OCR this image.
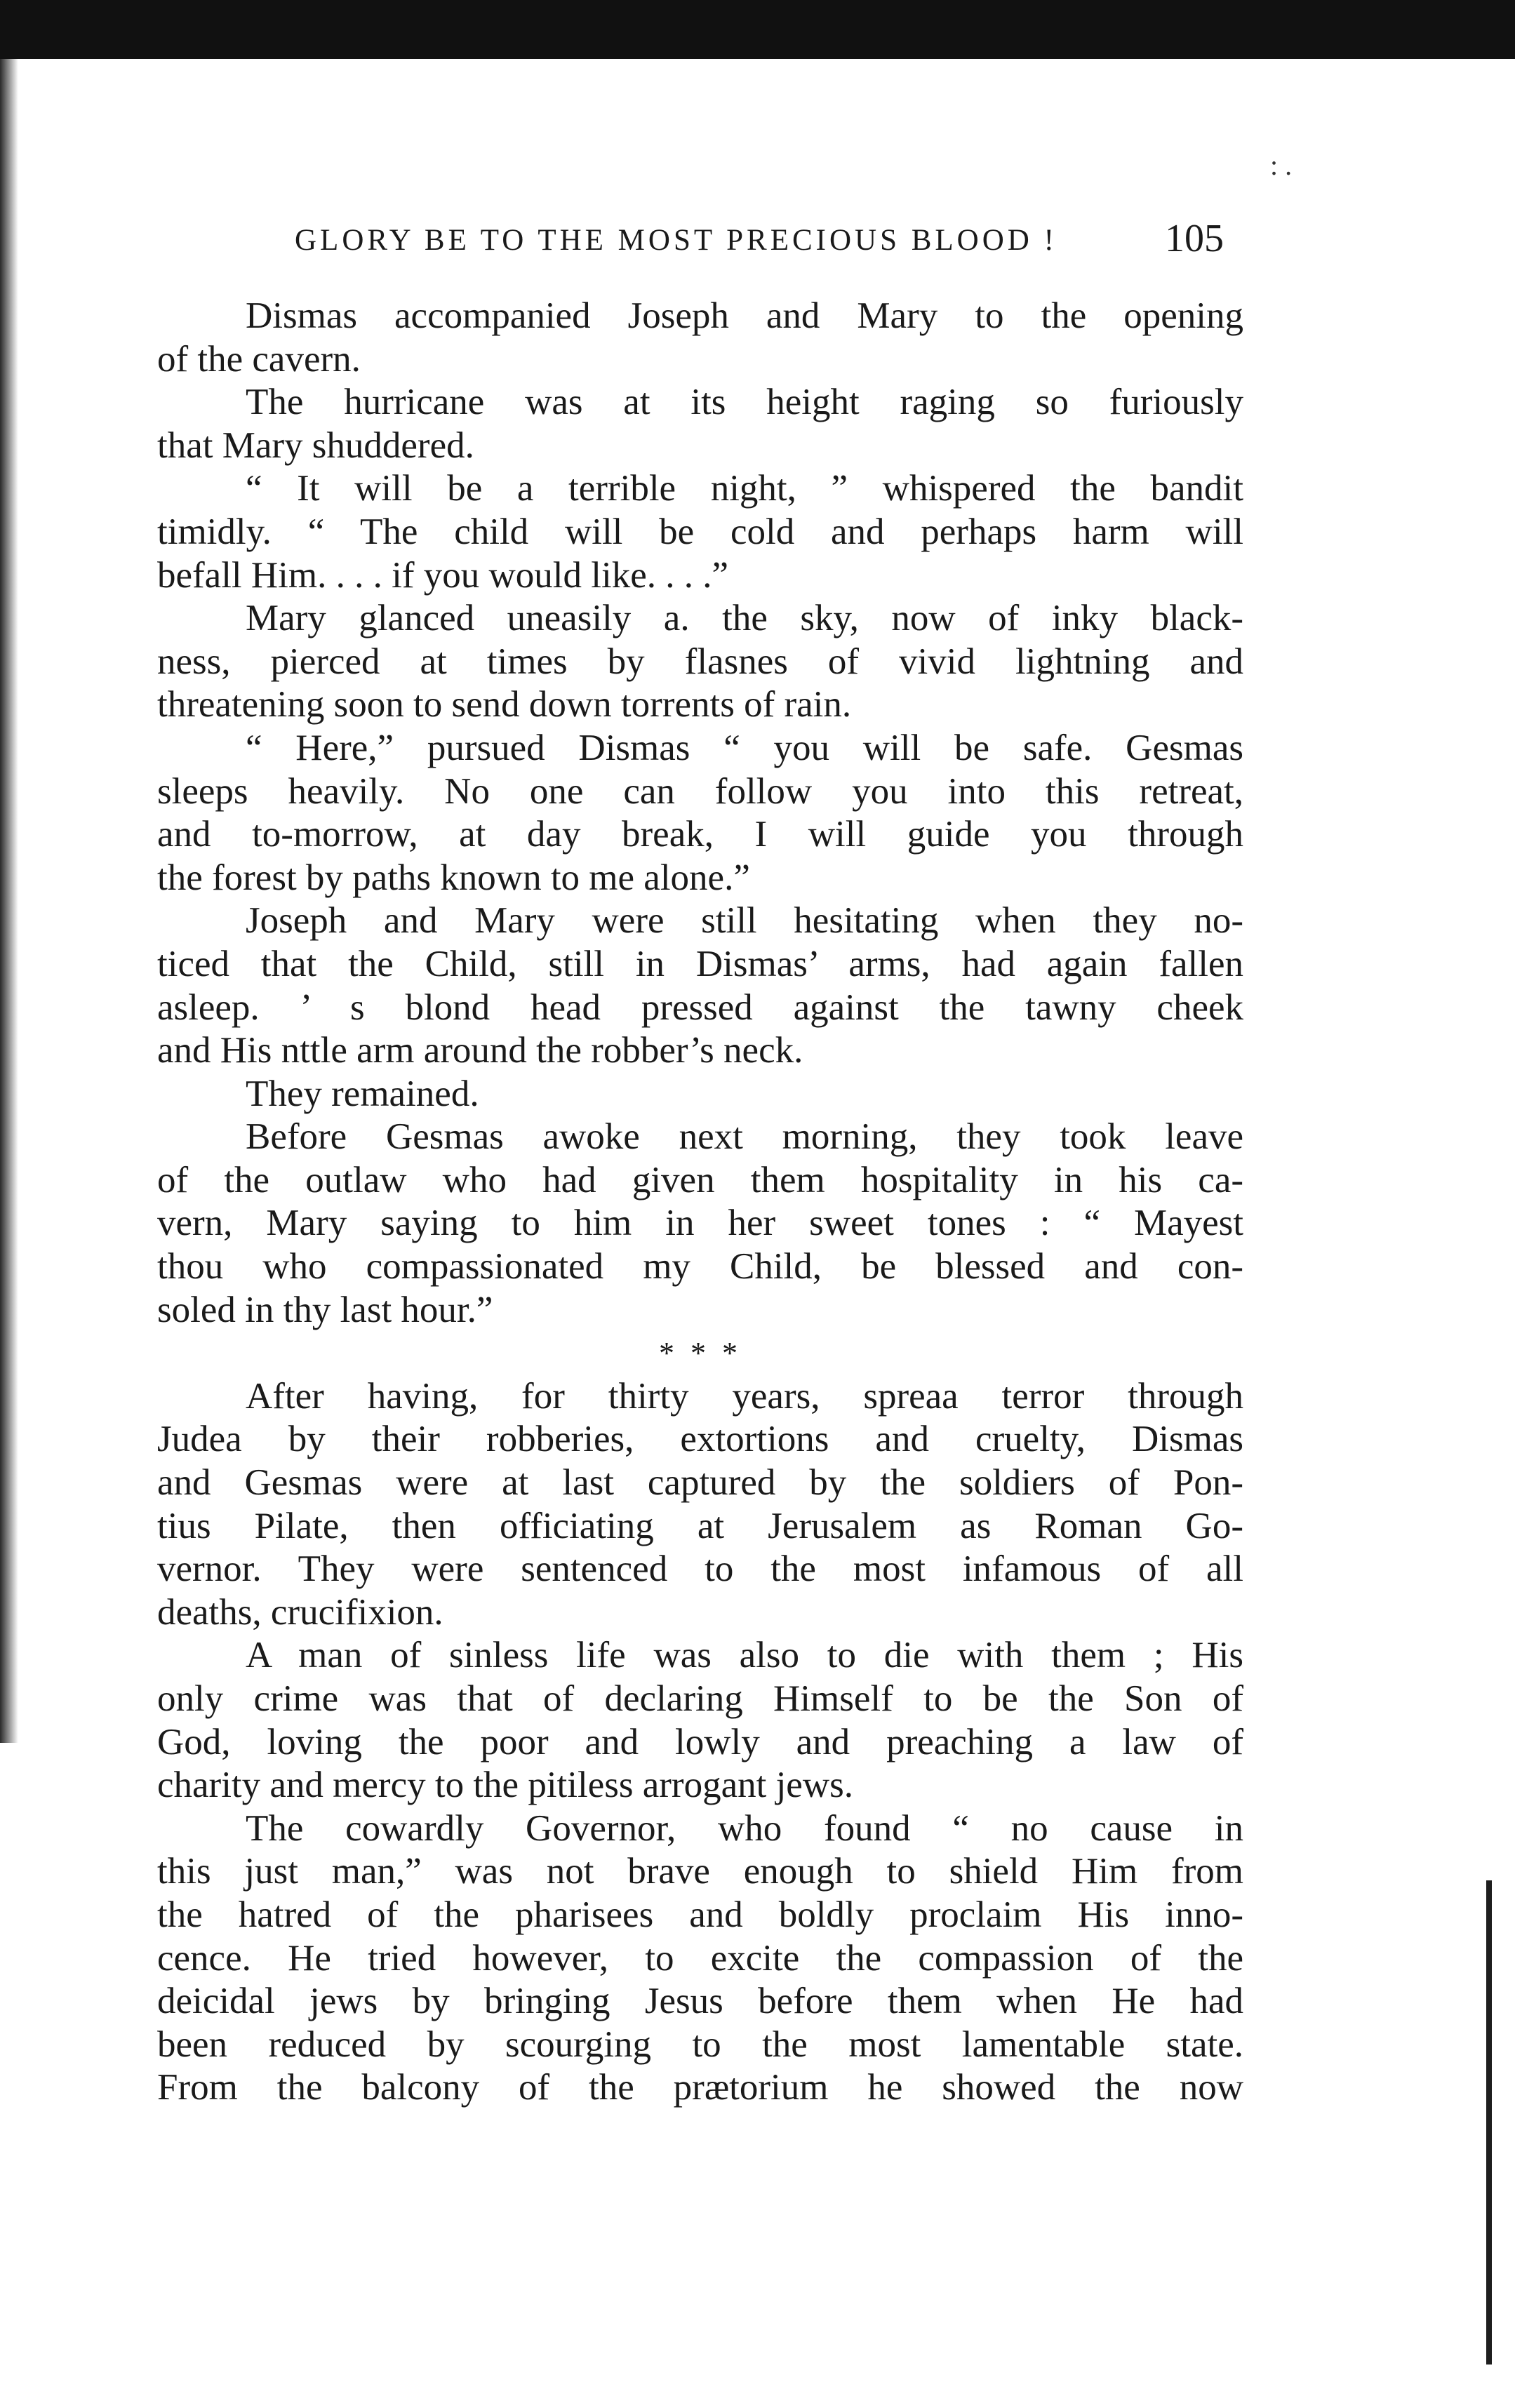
: .
GLORY BE TO THE MOST PRECIOUS BLOOD !	105
Dismas accompanied Joseph and Mary to the opening
of the cavern.
The hurricane was at its height raging so furiously
that Mary shuddered.
“ It will be a terrible night, ” whispered the bandit
timidly. “ The child will be cold and perhaps harm will
befall Him. . . . if you would like. . . .”
Mary glanced uneasily a. the sky, now of inky black-
ness, pierced at times by flasnes of vivid lightning and
threatening soon to send down torrents of rain.
“ Here,” pursued Dismas “ you will be safe. Gesmas
sleeps heavily. No one can follow you into this retreat,
and to-morrow, at day break, I will guide you through
the forest by paths known to me alone.”
Joseph and Mary were still hesitating when they no-
ticed that the Child, still in Dismas’ arms, had again fallen
asleep. ’ s blond head pressed against the tawny cheek
and His nttle arm around the robber’s neck.
They remained.
Before Gesmas awoke next morning, they took leave
of the outlaw who had given them hospitality in his ca-
vern, Mary saying to him in her sweet tones : “ Mayest
thou who compassionated my Child, be blessed and con-
soled in thy last hour.”
* * *
After having, for thirty years, spreaa terror through
Judea by their robberies, extortions and cruelty, Dismas
and Gesmas were at last captured by the soldiers of Pon-
tius Pilate, then officiating at Jerusalem as Roman Go-
vernor. They were sentenced to the most infamous of all
deaths, crucifixion.
A man of sinless life was also to die with them ; His
only crime was that of declaring Himself to be the Son of
God, loving the poor and lowly and preaching a law of
charity and mercy to the pitiless arrogant jews.
The cowardly Governor, who found “ no cause in
this just man,” was not brave enough to shield Him from
the hatred of the pharisees and boldly proclaim His inno-
cence. He tried however, to excite the compassion of the
deicidal jews by bringing Jesus before them when He had
been reduced by scourging to the most lamentable state.
From the balcony of the prætorium he showed the now
